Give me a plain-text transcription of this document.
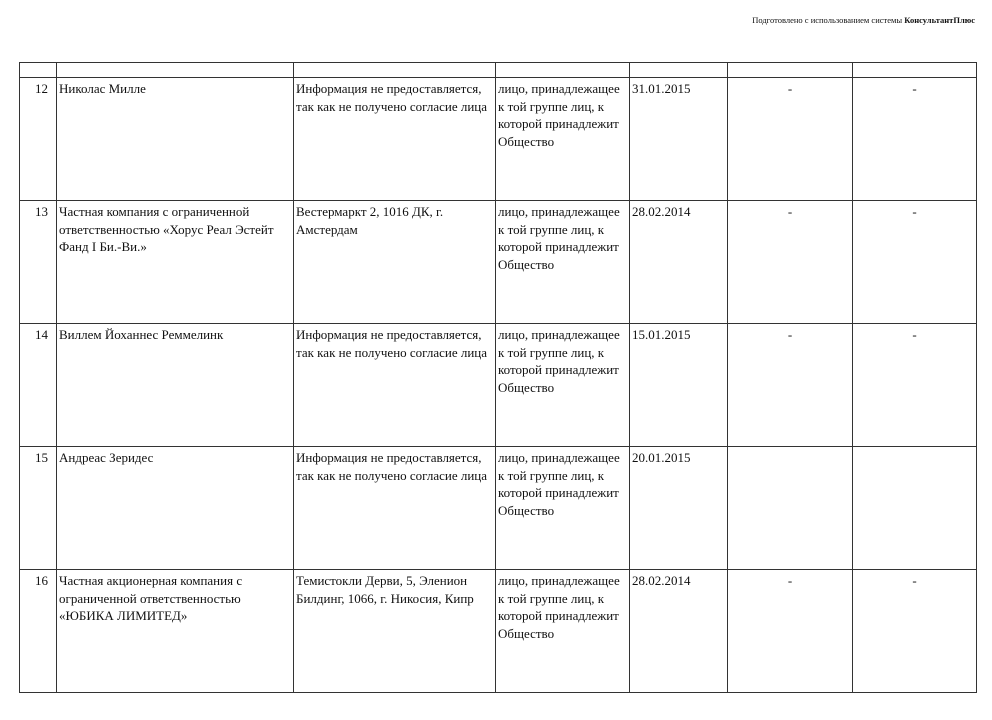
Подготовлено с использованием системы КонсультантПлюс

12	Николас Милле	Информация не предоставляется, так как не получено согласие лица	лицо, принадлежащее к той группе лиц, к которой принадлежит Общество	31.01.2015	-	-
13	Частная компания с ограниченной ответственностью «Хорус Реал Эстейт Фанд I Би.-Ви.»	Вестермаркт 2, 1016 ДК, г. Амстердам	лицо, принадлежащее к той группе лиц, к которой принадлежит Общество	28.02.2014	-	-
14	Виллем Йоханнес Реммелинк	Информация не предоставляется, так как не получено согласие лица	лицо, принадлежащее к той группе лиц, к которой принадлежит Общество	15.01.2015	-	-
15	Андреас Зеридес	Информация не предоставляется, так как не получено согласие лица	лицо, принадлежащее к той группе лиц, к которой принадлежит Общество	20.01.2015		
16	Частная акционерная компания с ограниченной ответственностью «ЮБИКА ЛИМИТЕД»	Темистокли Дерви, 5, Эленион Билдинг, 1066, г. Никосия, Кипр	лицо, принадлежащее к той группе лиц, к которой принадлежит Общество	28.02.2014	-	-
